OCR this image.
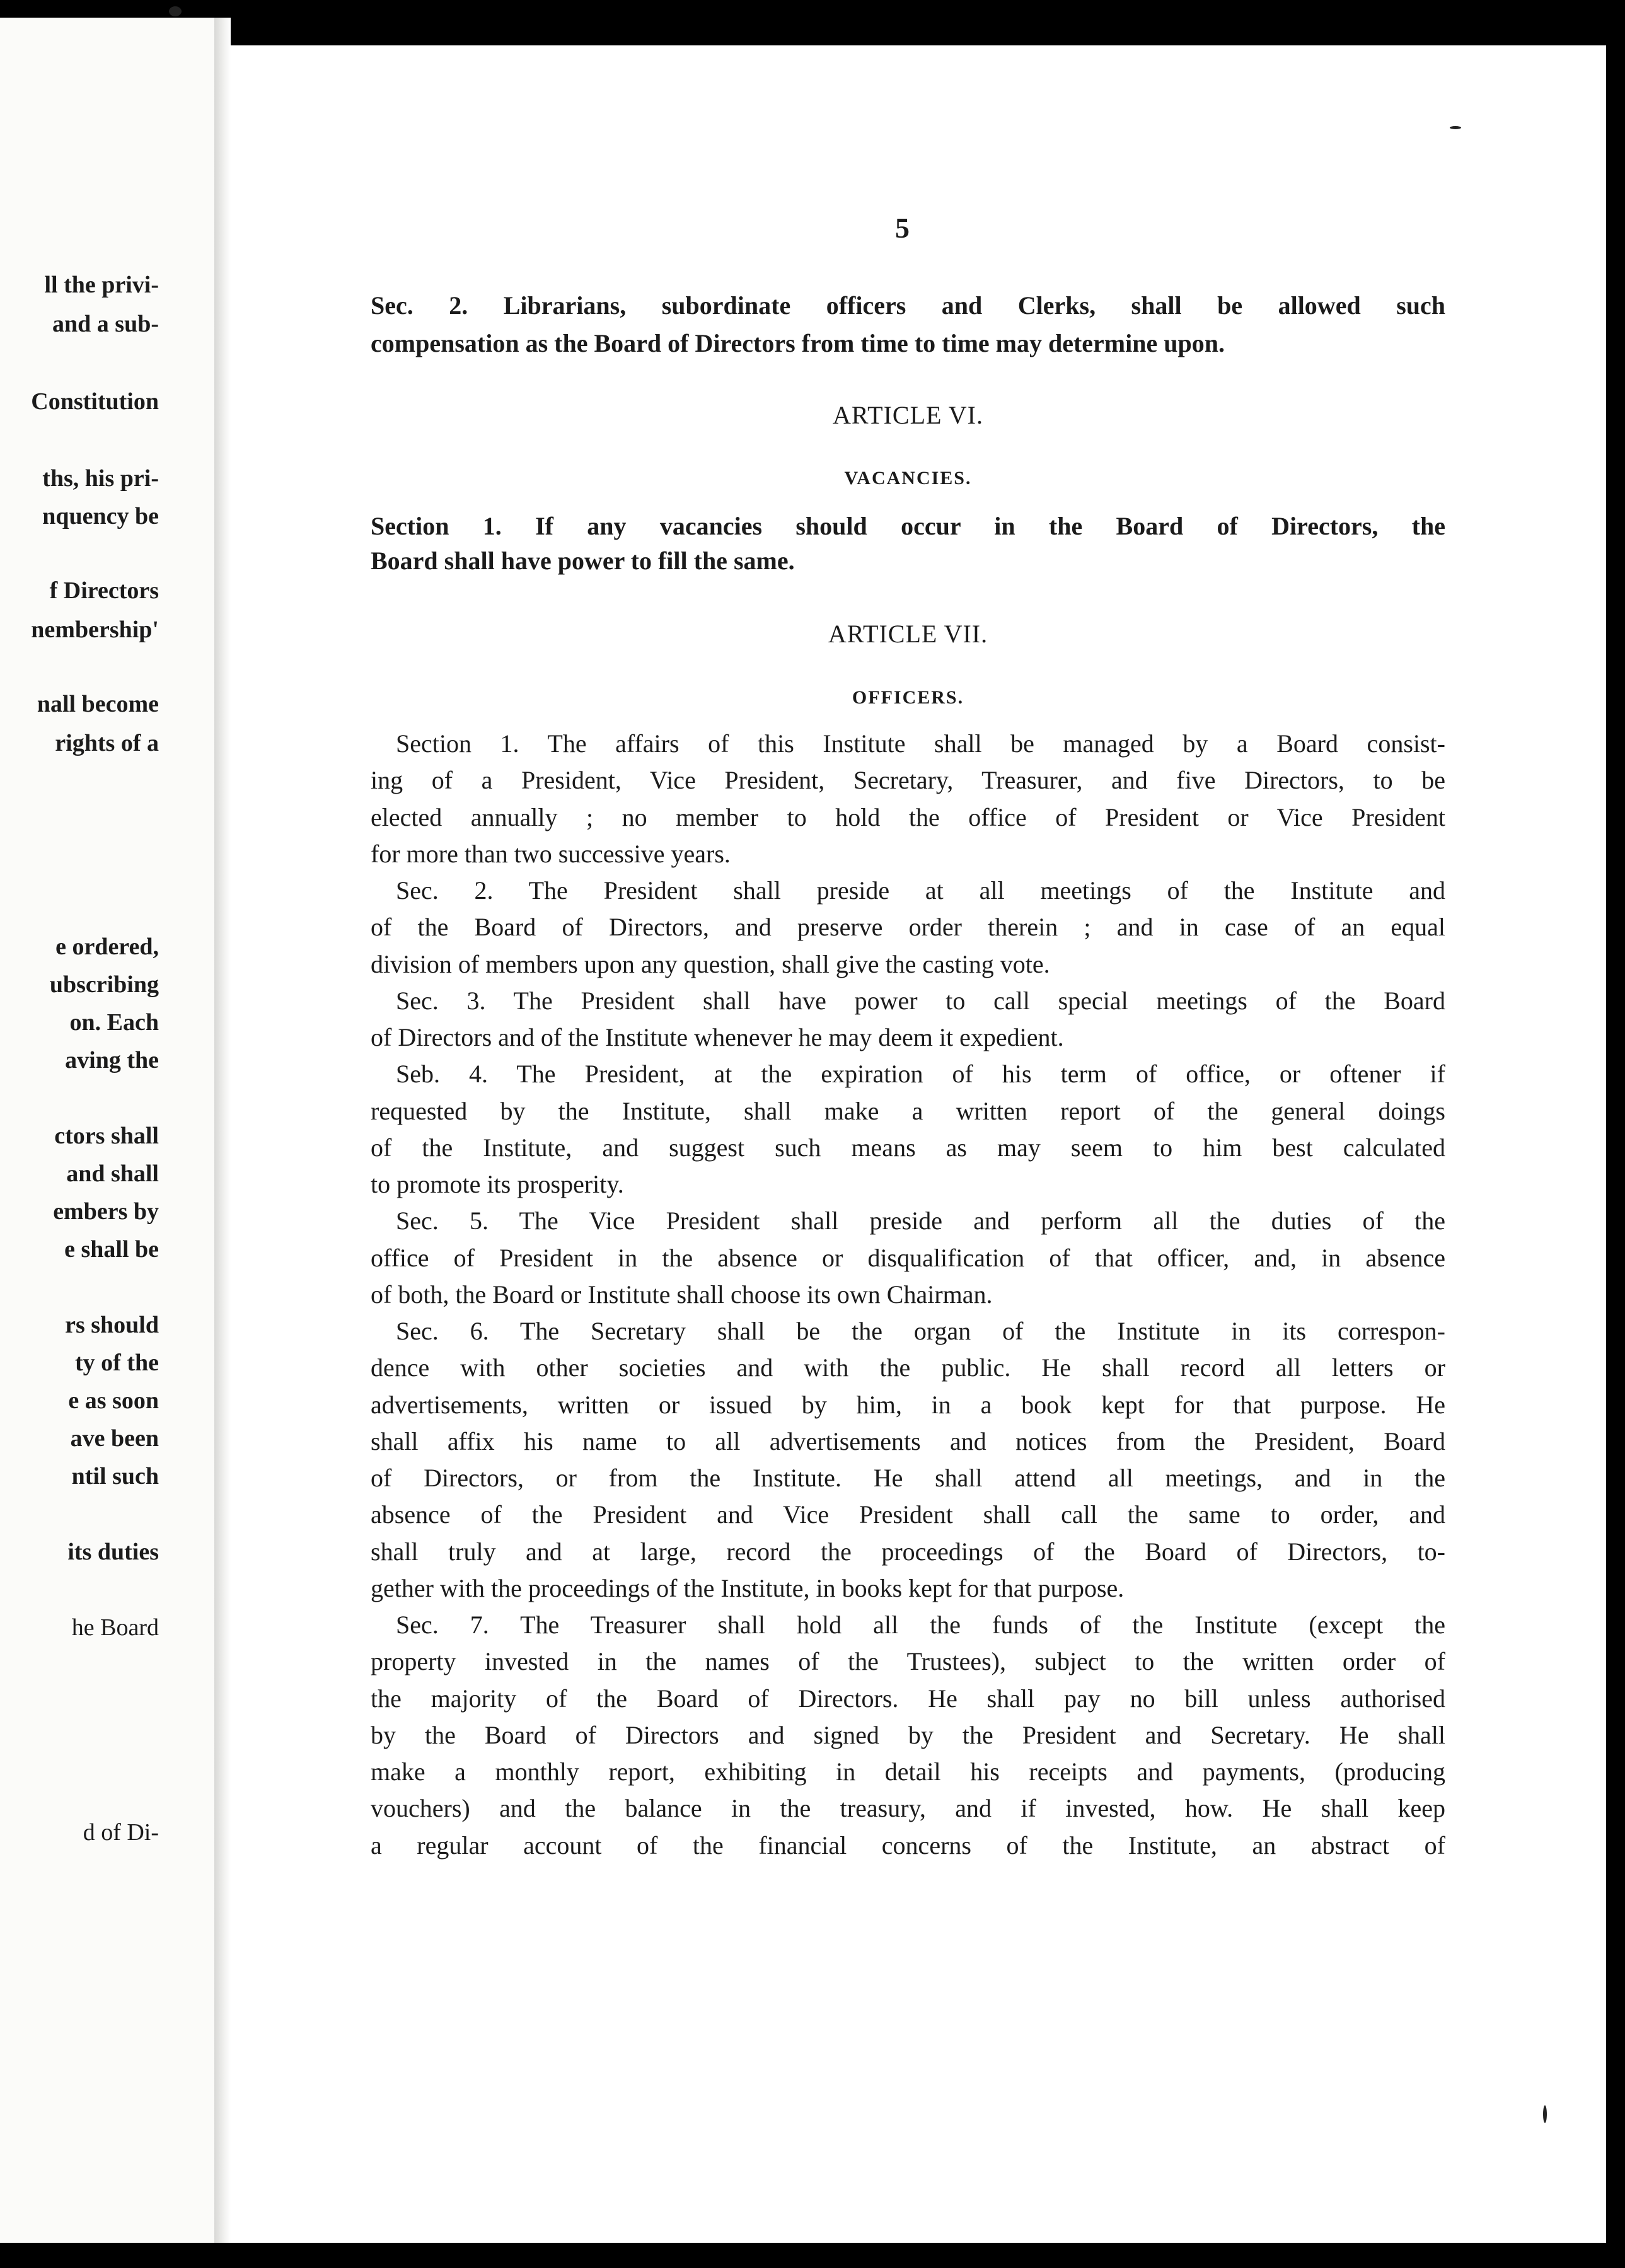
ll the privi-
and a sub-
Constitution
ths, his pri-
nquency be
f Directors
nembership'
nall become
rights of a
e ordered,
ubscribing
on. Each
aving the
ctors shall
and shall
embers by
e shall be
rs should
ty of the
e as soon
ave been
ntil such
its duties
he Board
d of Di-
5
Sec. 2. Librarians, subordinate officers and Clerks, shall be allowed such
compensation as the Board of Directors from time to time may determine upon.
ARTICLE VI.
VACANCIES.
Section 1. If any vacancies should occur in the Board of Directors, the
Board shall have power to fill the same.
ARTICLE VII.
OFFICERS.
Section 1. The affairs of this Institute shall be managed by a Board consist-
ing of a President, Vice President, Secretary, Treasurer, and five Directors, to be
elected annually ; no member to hold the office of President or Vice President
for more than two successive years.
Sec. 2. The President shall preside at all meetings of the Institute and
of the Board of Directors, and preserve order therein ; and in case of an equal
division of members upon any question, shall give the casting vote.
Sec. 3. The President shall have power to call special meetings of the Board
of Directors and of the Institute whenever he may deem it expedient.
Seb. 4. The President, at the expiration of his term of office, or oftener if
requested by the Institute, shall make a written report of the general doings
of the Institute, and suggest such means as may seem to him best calculated
to promote its prosperity.
Sec. 5. The Vice President shall preside and perform all the duties of the
office of President in the absence or disqualification of that officer, and, in absence
of both, the Board or Institute shall choose its own Chairman.
Sec. 6. The Secretary shall be the organ of the Institute in its correspon-
dence with other societies and with the public. He shall record all letters or
advertisements, written or issued by him, in a book kept for that purpose. He
shall affix his name to all advertisements and notices from the President, Board
of Directors, or from the Institute. He shall attend all meetings, and in the
absence of the President and Vice President shall call the same to order, and
shall truly and at large, record the proceedings of the Board of Directors, to-
gether with the proceedings of the Institute, in books kept for that purpose.
Sec. 7. The Treasurer shall hold all the funds of the Institute (except the
property invested in the names of the Trustees), subject to the written order of
the majority of the Board of Directors. He shall pay no bill unless authorised
by the Board of Directors and signed by the President and Secretary. He shall
make a monthly report, exhibiting in detail his receipts and payments, (producing
vouchers) and the balance in the treasury, and if invested, how. He shall keep
a regular account of the financial concerns of the Institute, an abstract of
